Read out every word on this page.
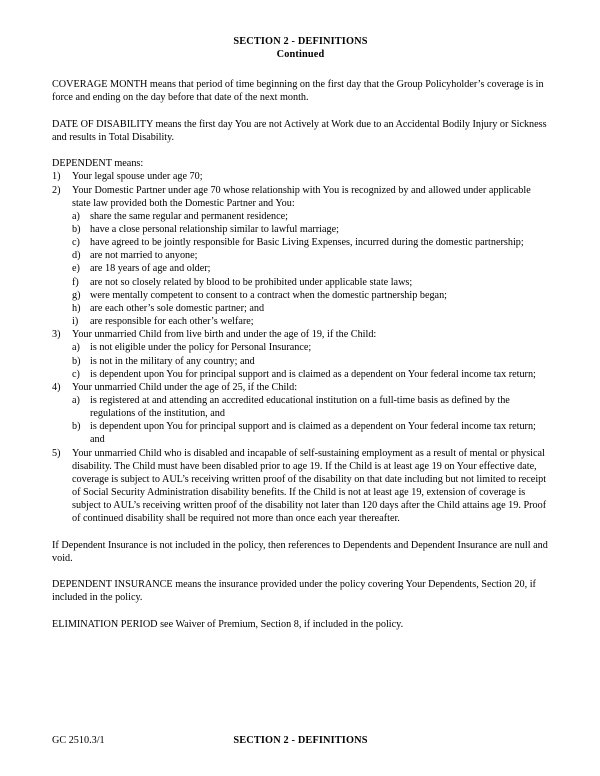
SECTION 2 - DEFINITIONS
Continued

COVERAGE MONTH means that period of time beginning on the first day that the Group Policyholder’s coverage is in force and ending on the day before that date of the next month.

DATE OF DISABILITY means the first day You are not Actively at Work due to an Accidental Bodily Injury or Sickness and results in Total Disability.

DEPENDENT means:

1)	Your legal spouse under age 70;
2)	Your Domestic Partner under age 70 whose relationship with You is recognized by and allowed under applicable state law provided both the Domestic Partner and You:
a) share the same regular and permanent residence;
b) have a close personal relationship similar to lawful marriage;
c) have agreed to be jointly responsible for Basic Living Expenses, incurred during the domestic partnership;
d) are not married to anyone;
e) are 18 years of age and older;
f)	are not so closely related by blood to be prohibited under applicable state laws;
g) were mentally competent to consent to a contract when the domestic partnership began;
h) are each other’s sole domestic partner; and
i)	are responsible for each other’s welfare;
3)	Your unmarried Child from live birth and under the age of 19, if the Child:
a) is not eligible under the policy for Personal Insurance;
b) is not in the military of any country; and
c) is dependent upon You for principal support and is claimed as a dependent on Your federal income tax return;
4)	Your unmarried Child under the age of 25, if the Child:
a) is registered at and attending an accredited educational institution on a full-time basis as defined by the regulations of the institution, and
b) is dependent upon You for principal support and is claimed as a dependent on Your federal income tax return; and
5)	Your unmarried Child who is disabled and incapable of self-sustaining employment as a result of mental or physical disability. The Child must have been disabled prior to age 19. If the Child is at least age 19 on Your effective date, coverage is subject to AUL’s receiving written proof of the disability on that date including but not limited to receipt of Social Security Administration disability benefits. If the Child is not at least age 19, extension of coverage is subject to AUL’s receiving written proof of the disability not later than 120 days after the Child attains age 19. Proof of continued disability shall be required not more than once each year thereafter.

If Dependent Insurance is not included in the policy, then references to Dependents and Dependent Insurance are null and void.

DEPENDENT INSURANCE means the insurance provided under the policy covering Your Dependents, Section 20, if included in the policy.

ELIMINATION PERIOD see Waiver of Premium, Section 8, if included in the policy.

GC 2510.3/1	SECTION 2 - DEFINITIONS
